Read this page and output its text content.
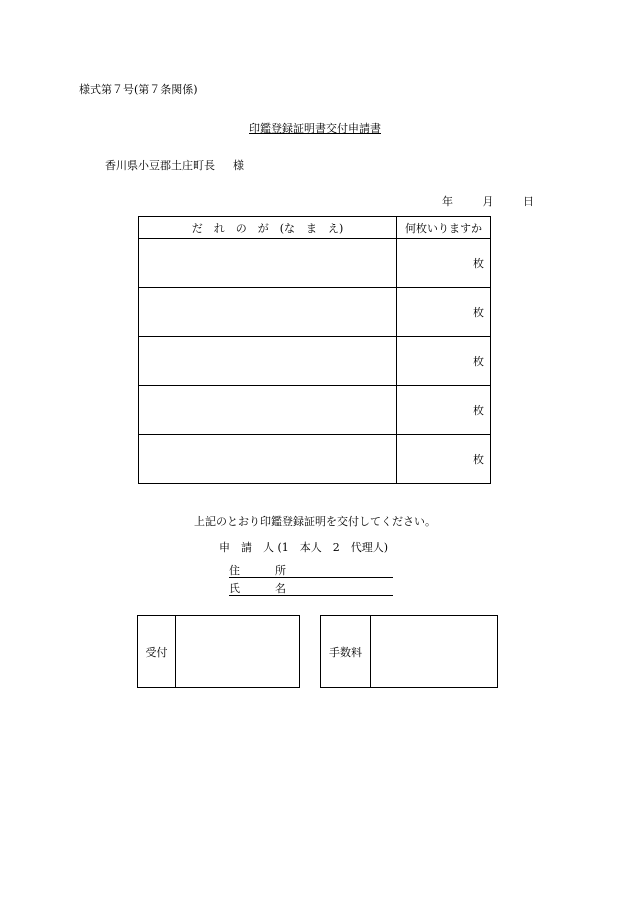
様式第７号(第７条関係)
印鑑登録証明書交付申請書
香川県小豆郡土庄町長 様
年	月	日
だ　れ　の　が　(な　ま　え)	何枚いりますか
	枚
	枚
	枚
	枚
	枚
上記のとおり印鑑登録証明を交付してください。
申　請　人 (1　本人　2　代理人)
住	所
氏	名
受付	手数料
